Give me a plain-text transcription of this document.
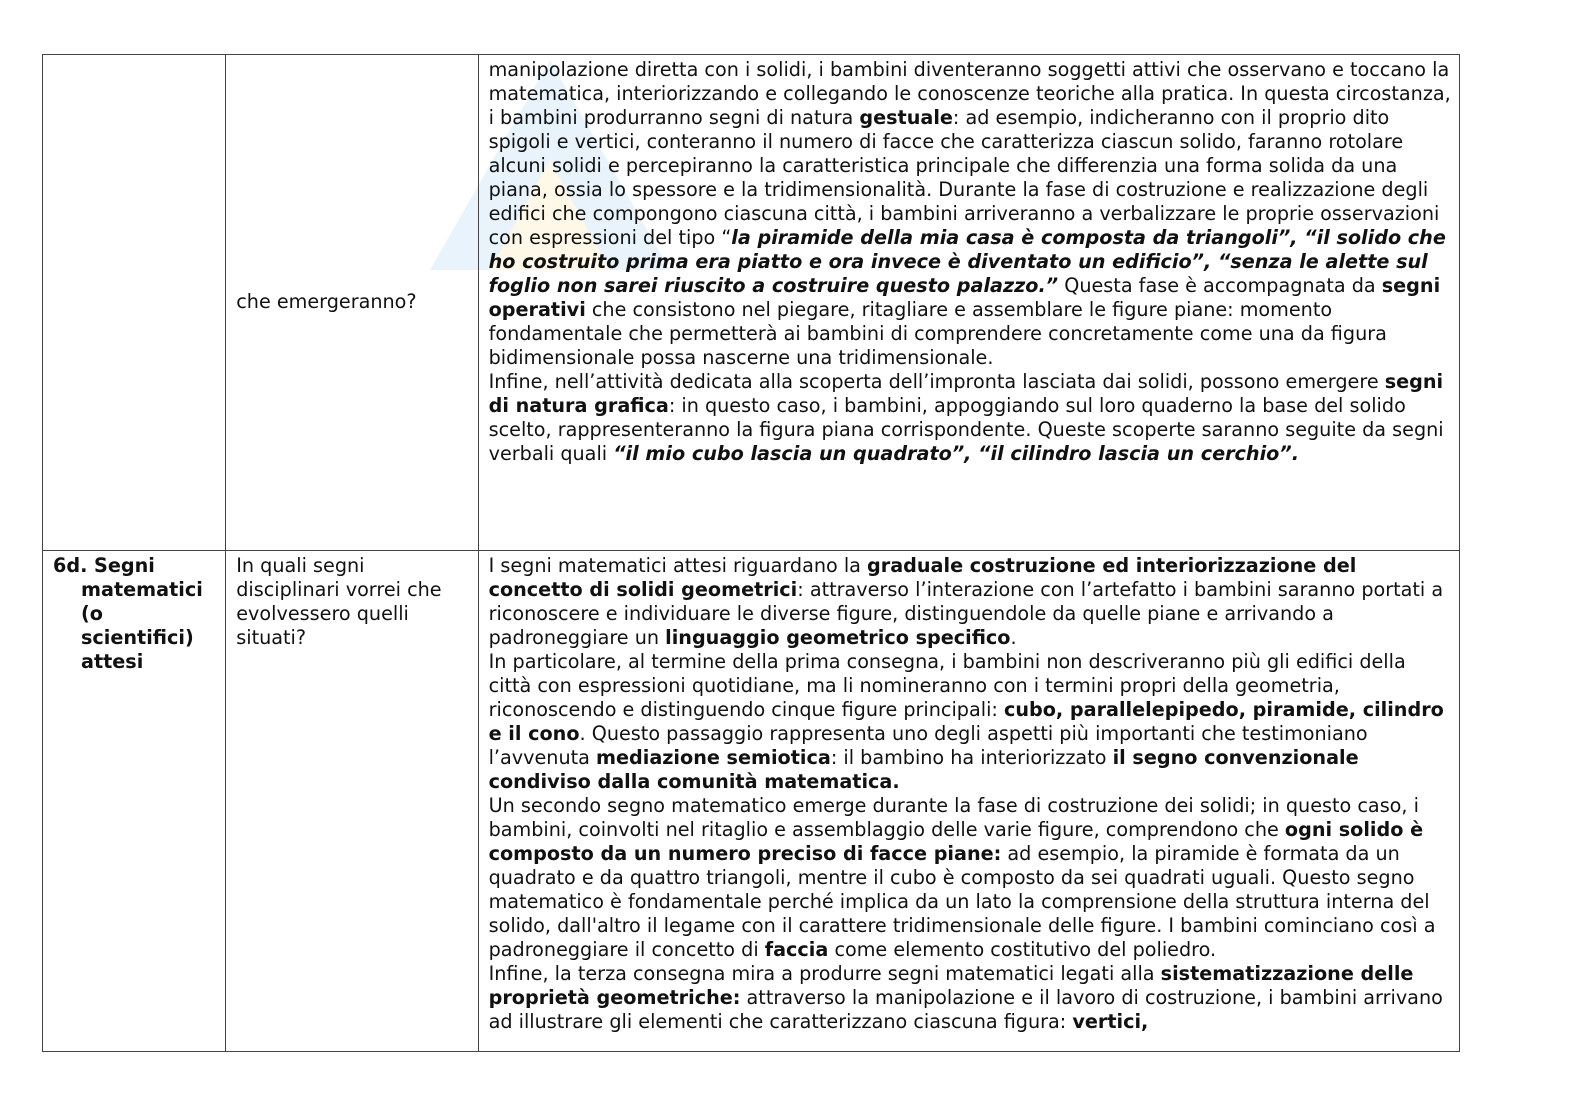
	che emergeranno?	manipolazione diretta con i solidi, i bambini diventeranno soggetti attivi che osservano e toccano la matematica, interiorizzando e collegando le conoscenze teoriche alla pratica. In questa circostanza, i bambini produrranno segni di natura gestuale: ad esempio, indicheranno con il proprio dito spigoli e vertici, conteranno il numero di facce che caratterizza ciascun solido, faranno rotolare alcuni solidi e percepiranno la caratteristica principale che differenzia una forma solida da una piana, ossia lo spessore e la tridimensionalità. Durante la fase di costruzione e realizzazione degli edifici che compongono ciascuna città, i bambini arriveranno a verbalizzare le proprie osservazioni con espressioni del tipo “la piramide della mia casa è composta da triangoli”, “il solido che ho costruito prima era piatto e ora invece è diventato un edificio”, “senza le alette sul foglio non sarei riuscito a costruire questo palazzo.” Questa fase è accompagnata da segni operativi che consistono nel piegare, ritagliare e assemblare le figure piane: momento fondamentale che permetterà ai bambini di comprendere concretamente come una da figura bidimensionale possa nascerne una tridimensionale.

Infine, nell’attività dedicata alla scoperta dell’impronta lasciata dai solidi, possono emergere segni di natura grafica: in questo caso, i bambini, appoggiando sul loro quaderno la base del solido scelto, rappresenteranno la figura piana corrispondente. Queste scoperte saranno seguite da segni verbali quali “il mio cubo lascia un quadrato”, “il cilindro lascia un cerchio”.

6d. Segni matematici (o scientifici) attesi	In quali segni disciplinari vorrei che evolvessero quelli situati?	I segni matematici attesi riguardano la graduale costruzione ed interiorizzazione del concetto di solidi geometrici: attraverso l’interazione con l’artefatto i bambini saranno portati a riconoscere e individuare le diverse figure, distinguendole da quelle piane e arrivando a padroneggiare un linguaggio geometrico specifico.

In particolare, al termine della prima consegna, i bambini non descriveranno più gli edifici della città con espressioni quotidiane, ma li nomineranno con i termini propri della geometria, riconoscendo e distinguendo cinque figure principali: cubo, parallelepipedo, piramide, cilindro e il cono. Questo passaggio rappresenta uno degli aspetti più importanti che testimoniano l’avvenuta mediazione semiotica: il bambino ha interiorizzato il segno convenzionale condiviso dalla comunità matematica.

Un secondo segno matematico emerge durante la fase di costruzione dei solidi; in questo caso, i bambini, coinvolti nel ritaglio e assemblaggio delle varie figure, comprendono che ogni solido è composto da un numero preciso di facce piane: ad esempio, la piramide è formata da un quadrato e da quattro triangoli, mentre il cubo è composto da sei quadrati uguali. Questo segno matematico è fondamentale perché implica da un lato la comprensione della struttura interna del solido, dall'altro il legame con il carattere tridimensionale delle figure. I bambini cominciano così a padroneggiare il concetto di faccia come elemento costitutivo del poliedro.

Infine, la terza consegna mira a produrre segni matematici legati alla sistematizzazione delle proprietà geometriche: attraverso la manipolazione e il lavoro di costruzione, i bambini arrivano ad illustrare gli elementi che caratterizzano ciascuna figura: vertici,
